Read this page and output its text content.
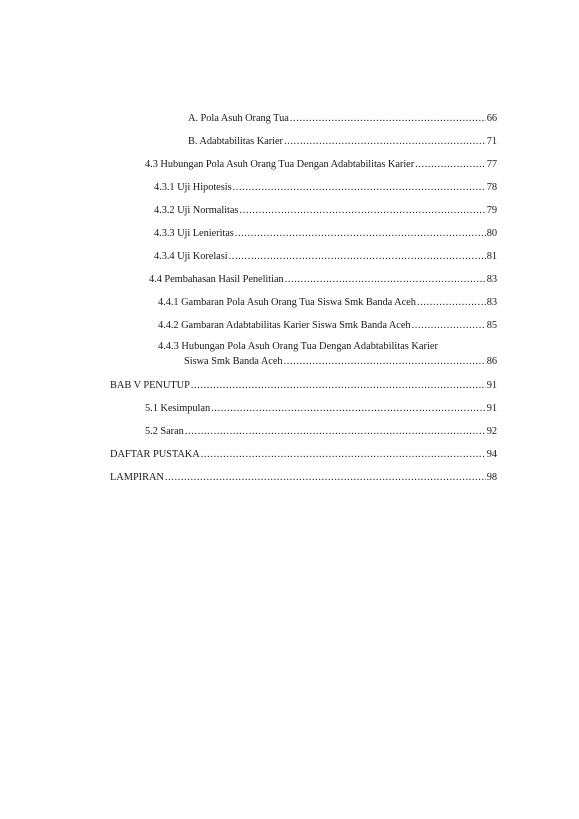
A. Pola Asuh Orang Tua .....	66
B. Adabtabilitas Karier .....	71
4.3 Hubungan Pola Asuh Orang Tua Dengan Adabtabilitas Karier .....	77
4.3.1 Uji Hipotesis .....	78
4.3.2 Uji Normalitas .....	79
4.3.3 Uji Lenieritas .....	80
4.3.4 Uji Korelasi .....	81
4.4 Pembahasan Hasil Penelitian .....	83
4.4.1 Gambaran Pola Asuh Orang Tua Siswa Smk Banda Aceh .....	83
4.4.2 Gambaran Adabtabilitas Karier Siswa Smk Banda Aceh .....	85
4.4.3 Hubungan Pola Asuh Orang Tua Dengan Adabtabilitas Karier
Siswa Smk Banda Aceh .....	86
BAB V PENUTUP .....	91
5.1 Kesimpulan .....	91
5.2 Saran .....	92
DAFTAR PUSTAKA .....	94
LAMPIRAN .....	98
